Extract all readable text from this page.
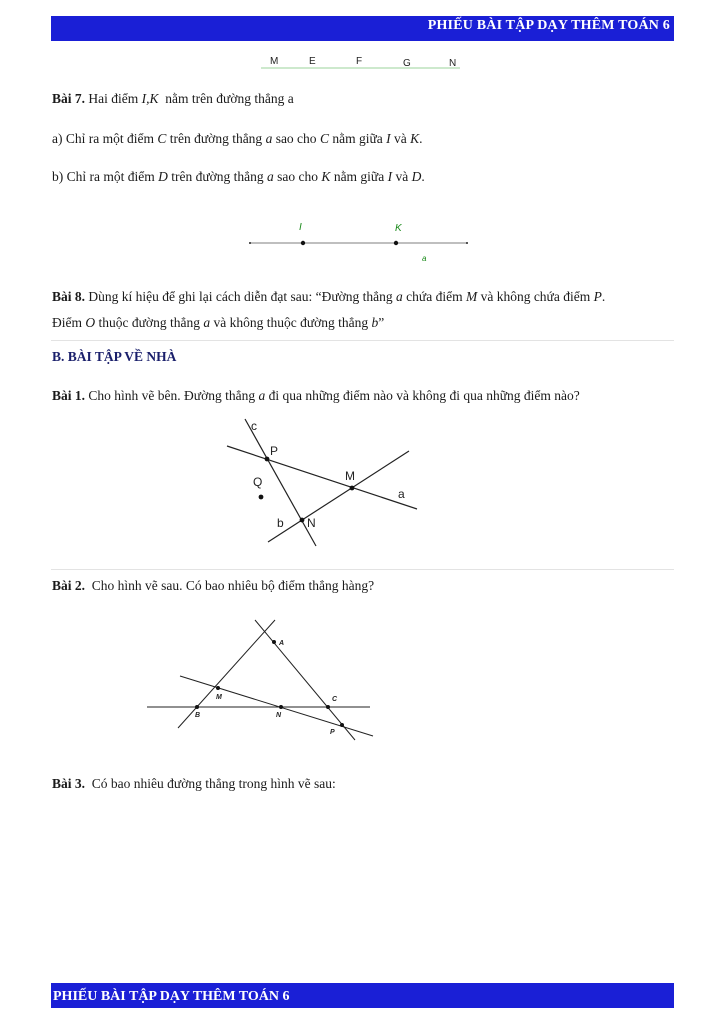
PHIẾU BÀI TẬP DẠY THÊM TOÁN 6
M	E	F	G	N
Bài 7. Hai điểm I,K nằm trên đường thẳng a
a) Chỉ ra một điểm C trên đường thẳng a sao cho C nằm giữa I và K.
b) Chỉ ra một điểm D trên đường thẳng a sao cho K nằm giữa I và D.
I	K
a
Bài 8. Dùng kí hiệu để ghi lại cách diễn đạt sau: “Đường thẳng a chứa điểm M và không chứa điểm P.
Điểm O thuộc đường thẳng a và không thuộc đường thẳng b”
B. BÀI TẬP VỀ NHÀ
Bài 1. Cho hình vẽ bên. Đường thẳng a đi qua những điểm nào và không đi qua những điểm nào?
c
P
Q	M
a
b N
Bài 2. Cho hình vẽ sau. Có bao nhiêu bộ điểm thẳng hàng?
A
M	C
B	N
P
Bài 3. Có bao nhiêu đường thẳng trong hình vẽ sau:
PHIẾU BÀI TẬP DẠY THÊM TOÁN 6
